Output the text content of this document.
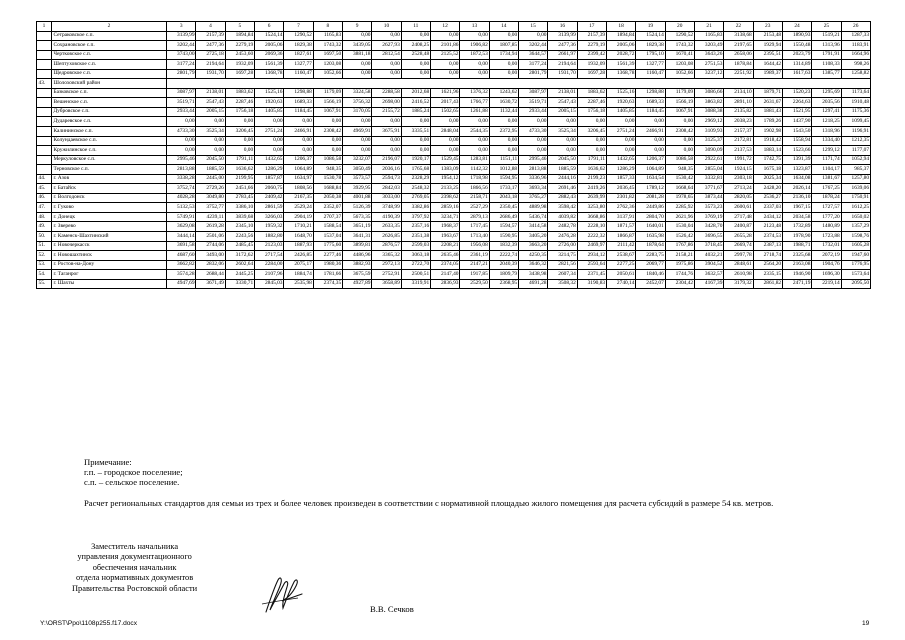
1	2	3	4	5	6	7	8	9	10	11	12	13	14	15	16	17	18	19	20	21	22	23	24	25	26	
	Сетраковское с.п.	3139,99	2157,39	1894,84	1524,14	1290,52	1165,83	0,00	0,00	0,00	0,00	0,00	0,00	0,00	3139,99	2157,39	1894,84	1524,14	1290,52	1165,83	3138,68	2153,48	1890,93	1519,21	1287,33	
	Сохрановское с.п.	3202,44	2477,36	2279,19	2005,06	1829,38	1743,32	3439,05	2627,93	2408,25	2101,86	1906,82	1807,85	3202,44	2477,36	2279,19	2005,06	1829,38	1743,32	3203,49	2197,65	1929,94	1550,48	1313,96	1183,91	
	Чертковское с.п.	3743,00	2725,18	2453,60	2069,36	1827,61	1697,50	3881,18	2812,54	2528,48	2125,52	1872,53	1734,94	3644,57	2661,97	2399,42	2028,72	1795,10	1670,41	3643,26	2658,06	2395,51	2023,79	1791,91	1664,96	
	Шептуховское с.п.	3177,24	2194,64	1932,09	1561,39	1327,77	1203,08	0,00	0,00	0,00	0,00	0,00	0,00	3177,24	2194,64	1932,09	1561,39	1327,77	1203,08	2751,53	1878,84	1644,42	1314,89	1108,33	998,26	
	Щедровское с.п.	2801,79	1931,70	1697,28	1368,78	1160,47	1052,66	0,00	0,00	0,00	0,00	0,00	0,00	2801,79	1931,70	1697,28	1368,78	1160,47	1052,66	3237,12	2251,92	1989,37	1617,63	1385,77	1258,82	
43.	Шолоховский район																									
	Базковское с.п.	3087,97	2138,01	1883,62	1525,16	1298,88	1179,09	3324,58	2288,58	2012,68	1621,96	1376,32	1243,62	3087,97	2138,01	1883,62	1525,16	1298,88	1179,09	3086,66	2134,10	1879,71	1520,23	1295,69	1173,64	
	Вешенское с.п.	3519,71	2547,43	2287,46	1920,63	1689,33	1566,19	3756,32	2698,00	2416,52	2017,43	1766,77	1630,72	3519,71	2547,43	2287,46	1920,63	1689,33	1566,19	3863,82	2891,10	2631,67	2264,63	2035,56	1910,48	
	Дубровское с.п.	2933,44	2005,15	1756,18	1405,85	1184,45	1067,91	3170,05	2155,72	1885,24	1502,65	1261,88	1132,44	2933,44	2005,15	1756,18	1405,85	1184,45	1067,91	3088,38	2135,82	1881,43	1521,95	1297,41	1175,36	
	Дударевское с.п.	0,00	0,00	0,00	0,00	0,00	0,00	0,00	0,00	0,00	0,00	0,00	0,00	0,00	0,00	0,00	0,00	0,00	0,00	2969,12	2038,23	1789,26	1437,90	1218,25	1099,45	
	Калининское с.п.	4733,30	3525,34	3206,45	2751,24	2466,91	2308,42	4969,91	3675,91	3335,51	2848,04	2544,35	2372,95	4733,30	3525,34	3206,45	2751,24	2466,91	2308,42	3109,93	2157,37	1902,98	1543,50	1318,96	1196,91	
	Колундаевское с.п.	0,00	0,00	0,00	0,00	0,00	0,00	0,00	0,00	0,00	0,00	0,00	0,00	0,00	0,00	0,00	0,00	0,00	0,00	3125,37	2172,81	1918,42	1558,94	1334,40	1212,35	
	Кружилинское с.п.	0,00	0,00	0,00	0,00	0,00	0,00	0,00	0,00	0,00	0,00	0,00	0,00	0,00	0,00	0,00	0,00	0,00	0,00	3090,09	2137,53	1883,14	1523,66	1299,12	1177,07	
	Меркуловское с.п.	2995,46	2045,50	1791,11	1432,65	1206,37	1086,58	3232,07	2196,07	1920,17	1529,45	1283,81	1151,11	2995,46	2045,50	1791,11	1432,65	1206,37	1086,58	2922,61	1991,72	1742,75	1391,39	1171,74	1052,94	
	Терновское с.п.	2813,88	1885,59	1636,62	1286,29	1064,89	948,35	3050,49	2036,16	1765,68	1383,09	1142,32	1012,88	2813,88	1885,59	1636,62	1286,29	1064,89	948,35	2855,04	1924,15	1675,18	1323,87	1104,17	985,37	
44.	г. Азов	3338,28	2445,00	2199,95	1857,87	1634,97	1530,78	3573,57	2594,73	2328,29	1954,12	1718,98	1594,95	3336,96	2444,16	2199,23	1857,33	1634,54	1530,42	3332,81	2303,18	2025,34	1634,08	1381,67	1257,80	
45.	г. Батайск	3752,74	2729,26	2451,66	2060,75	1808,56	1688,84	3929,95	2842,03	2548,32	2133,25	1866,56	1733,17	3693,34	2691,46	2419,26	2036,45	1789,12	1668,64	3771,67	2713,24	2428,20	2026,14	1767,25	1639,06	
46.	г. Волгодонск	4028,28	3049,80	2783,45	2409,42	2167,35	2050,38	4001,88	3033,00	2769,05	2398,62	2158,71	2043,18	3765,27	2882,43	2639,99	2301,82	2081,28	1978,65	3873,44	2820,05	2536,27	2136,10	1878,24	1750,91	
47.	г. Гуково	5132,53	3752,77	3386,10	2861,59	2529,24	2352,07	5126,39	3748,99	3382,86	2859,16	2527,29	2350,45	4889,98	3598,42	3253,80	2762,36	2449,86	2285,92	3573,23	2600,61	2337,03	1967,15	1727,57	1612,25	
48.	г. Донецк	5749,91	4239,11	3839,68	3266,03	2904,19	2707,37	5673,35	4190,39	3797,92	3234,71	2879,13	2686,49	5436,74	4039,82	3668,86	3137,91	2804,70	2621,96	3769,19	2717,48	2434,12	2034,58	1777,20	1650,02	
49.	г. Зверево	3629,08	2619,28	2345,10	1959,32	1710,21	1588,54	3651,19	2633,35	2357,16	1968,37	1717,45	1594,57	3414,58	2482,78	2228,10	1871,57	1640,01	1530,04	3428,70	2400,87	2123,48	1732,89	1480,89	1357,29	
50.	г. Каменск-Шахтинский	3444,14	2501,06	2243,56	1882,80	1648,70	1537,04	3641,31	2626,85	2351,38	1963,67	1713,40	1590,95	3405,20	2476,28	2222,32	1866,87	1635,98	1526,42	3696,55	2655,28	2374,53	1978,90	1723,88	1598,76	
51.	г. Новочеркасск	3691,58	2744,06	2485,45	2123,03	1887,93	1775,60	3899,81	2876,57	2599,03	2208,21	1956,08	1832,39	3663,20	2726,00	2469,97	2111,42	1878,64	1767,86	3718,45	2669,74	2387,13	1988,71	1732,01	1605,28	
52.	г. Новошахтинск	4687,60	3493,00	3172,62	2717,54	2426,85	2277,46	4486,96	3365,32	3063,18	2635,46	2361,19	2222,74	4250,35	3214,75	2934,12	2538,67	2283,75	2158,21	4032,21	2997,78	2718,74	2325,68	2072,19	1947,60	
53.	г. Ростов-на-Дону	3662,82	2832,06	2602,64	2284,00	2075,17	1980,36	3882,93	2972,13	2722,70	2374,05	2147,21	2040,39	3646,32	2821,56	2593,64	2277,25	2069,77	1975,86	3904,52	2848,61	2564,20	2163,08	1904,76	1776,95	
54.	г. Таганрог	3574,28	2688,44	2445,25	2107,96	1884,74	1781,66	3675,59	2752,91	2500,51	2147,40	1917,85	1809,79	3438,98	2607,34	2371,45	2050,61	1840,46	1744,76	3632,57	2610,98	2335,15	1946,90	1696,30	1573,64	
55.	г. Шахты	4947,69	3671,49	3330,71	2845,03	2535,98	2374,35	4927,89	3658,89	3319,91	2836,93	2529,50	2368,95	4691,28	3508,32	3190,83	2740,14	2452,07	2304,42	4167,39	3179,32	2861,82	2471,19	2219,14	2095,50	
Примечание:
г.п. – городское поселение;
с.п. – сельское поселение.
Расчет региональных стандартов для семьи из трех и более человек произведен в соответствии с нормативной площадью жилого помещения для расчета субсидий в размере 54 кв. метров.
Заместитель начальника
управления документационного
обеспечения начальник
отдела нормативных документов
Правительства Ростовской области
В.В. Сечков
Y:\ORST\Ppo\1108p255.f17.docx	19
